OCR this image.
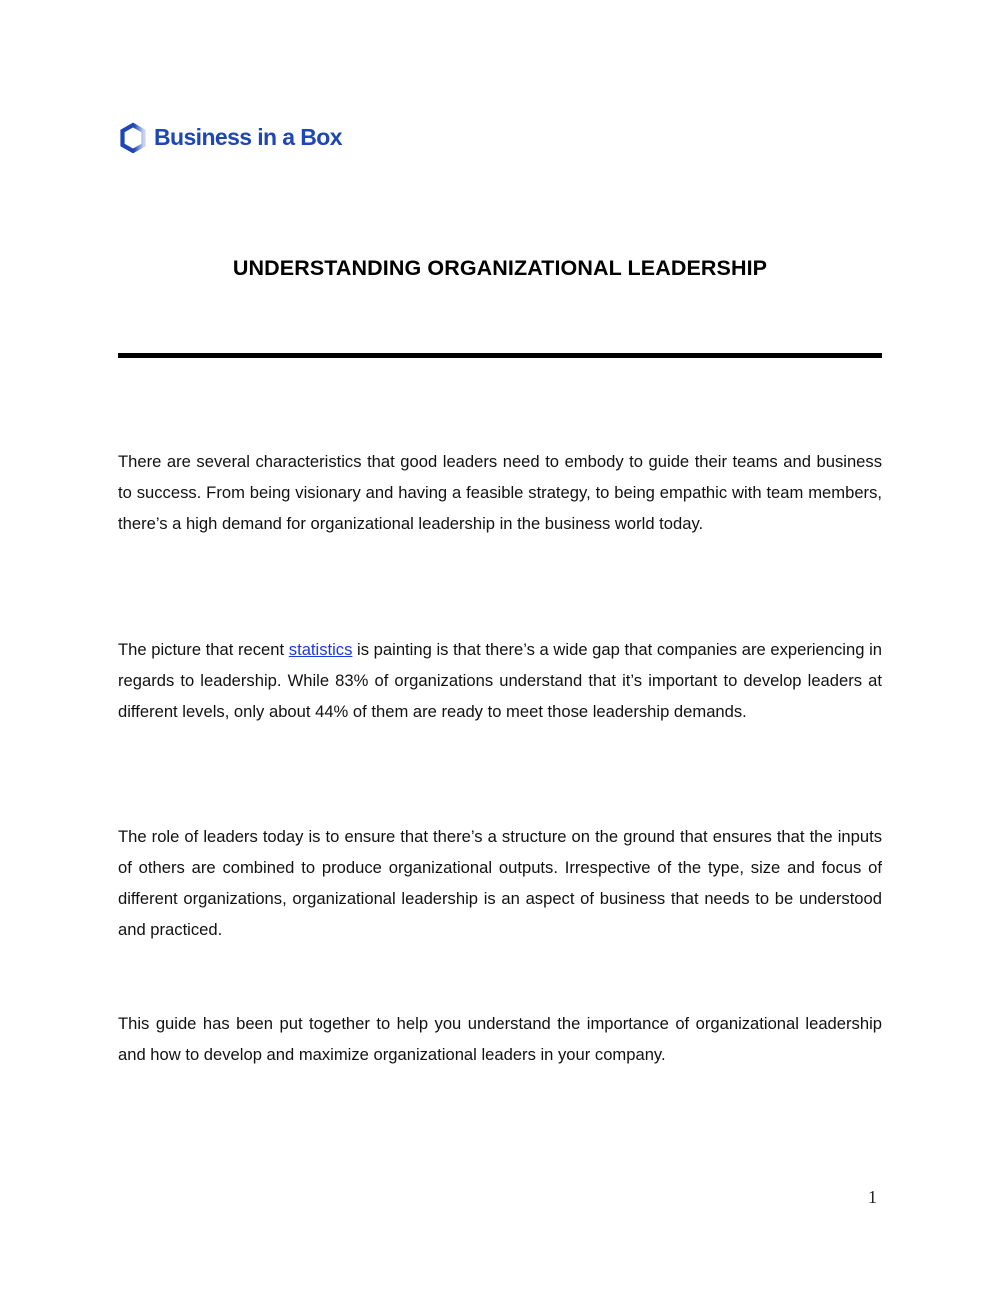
Business in a Box
UNDERSTANDING ORGANIZATIONAL LEADERSHIP

There are several characteristics that good leaders need to embody to guide their teams and business to success. From being visionary and having a feasible strategy, to being empathic with team members, there’s a high demand for organizational leadership in the business world today.

The picture that recent statistics is painting is that there’s a wide gap that companies are experiencing in regards to leadership. While 83% of organizations understand that it’s important to develop leaders at different levels, only about 44% of them are ready to meet those leadership demands.

The role of leaders today is to ensure that there’s a structure on the ground that ensures that the inputs of others are combined to produce organizational outputs. Irrespective of the type, size and focus of different organizations, organizational leadership is an aspect of business that needs to be understood and practiced.

This guide has been put together to help you understand the importance of organizational leadership and how to develop and maximize organizational leaders in your company.

1
